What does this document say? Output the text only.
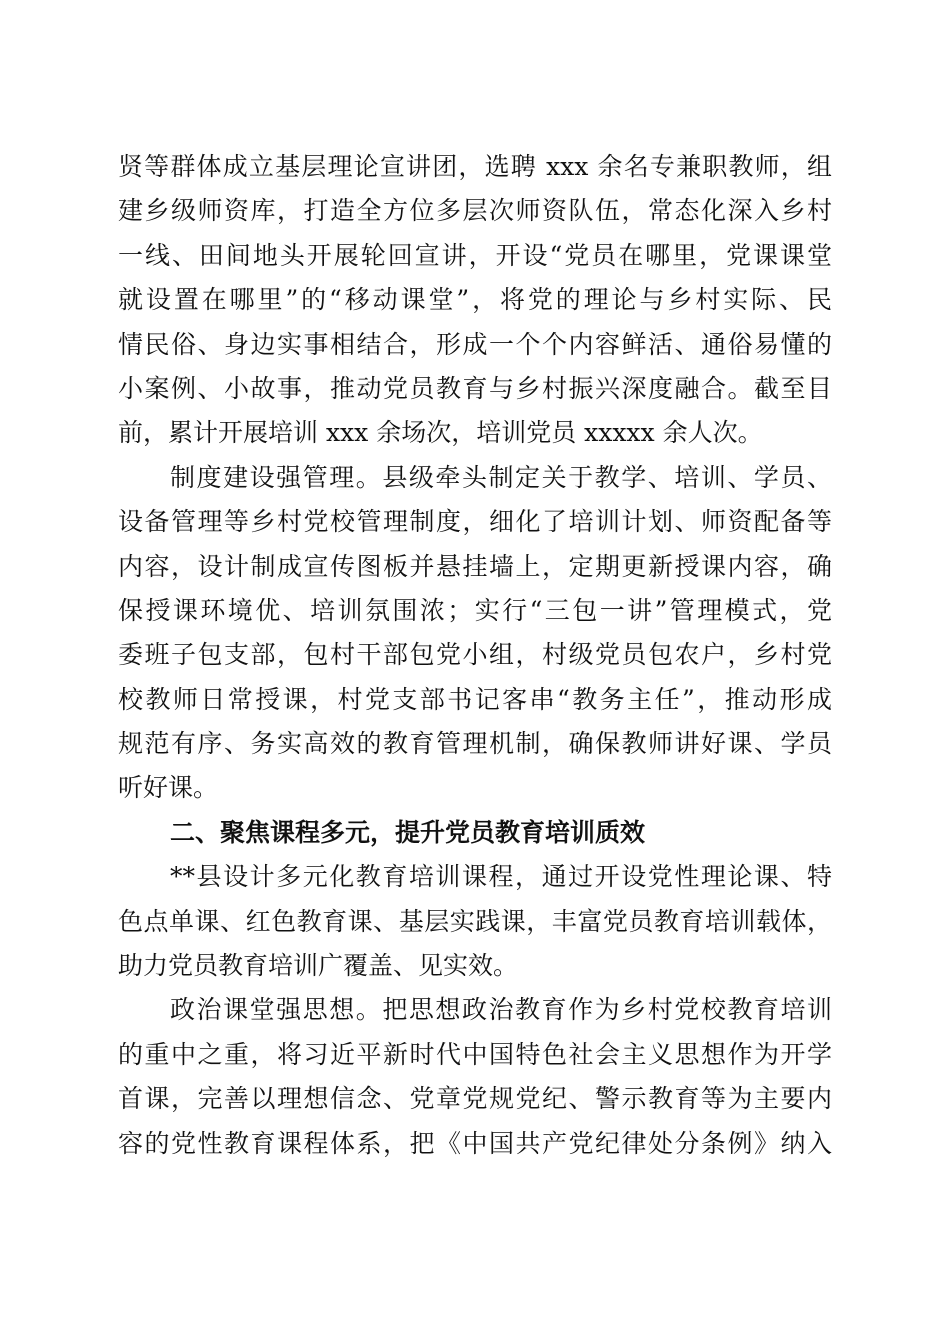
贤等群体成立基层理论宣讲团，选聘 xxx 余名专兼职教师，组
建乡级师资库，打造全方位多层次师资队伍，常态化深入乡村
一线、田间地头开展轮回宣讲，开设“党员在哪里，党课课堂
就设置在哪里”的“移动课堂”，将党的理论与乡村实际、民
情民俗、身边实事相结合，形成一个个内容鲜活、通俗易懂的
小案例、小故事，推动党员教育与乡村振兴深度融合。截至目
前，累计开展培训 xxx 余场次，培训党员 xxxxx 余人次。
制度建设强管理。县级牵头制定关于教学、培训、学员、
设备管理等乡村党校管理制度，细化了培训计划、师资配备等
内容，设计制成宣传图板并悬挂墙上，定期更新授课内容，确
保授课环境优、培训氛围浓；实行“三包一讲”管理模式，党
委班子包支部，包村干部包党小组，村级党员包农户，乡村党
校教师日常授课，村党支部书记客串“教务主任”，推动形成
规范有序、务实高效的教育管理机制，确保教师讲好课、学员
听好课。
二、聚焦课程多元，提升党员教育培训质效
**县设计多元化教育培训课程，通过开设党性理论课、特
色点单课、红色教育课、基层实践课，丰富党员教育培训载体，
助力党员教育培训广覆盖、见实效。
政治课堂强思想。把思想政治教育作为乡村党校教育培训
的重中之重，将习近平新时代中国特色社会主义思想作为开学
首课，完善以理想信念、党章党规党纪、警示教育等为主要内
容的党性教育课程体系，把《中国共产党纪律处分条例》纳入
